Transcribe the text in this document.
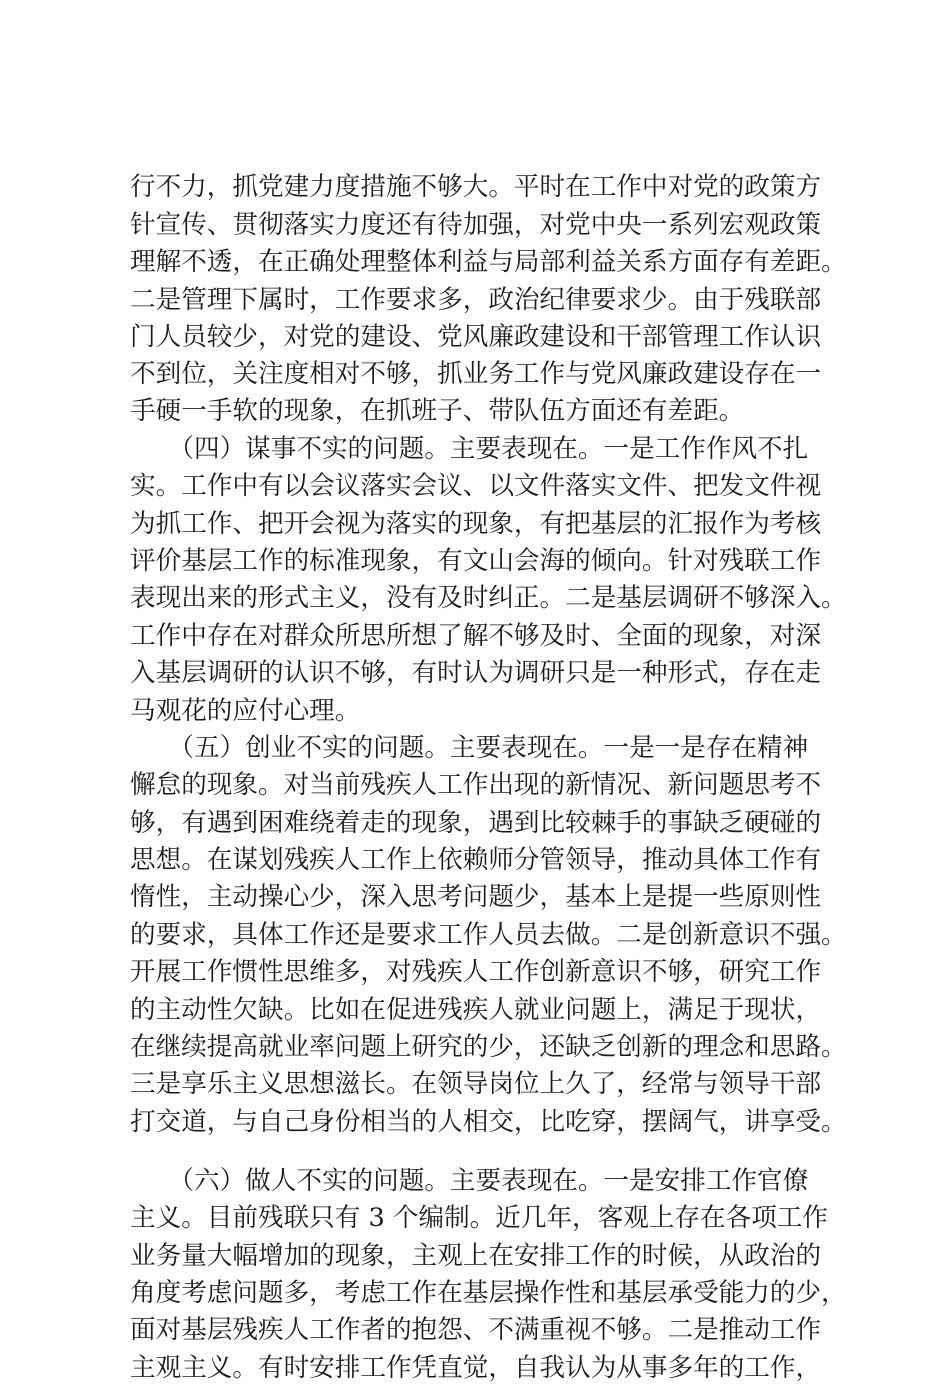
行不力，抓党建力度措施不够大。平时在工作中对党的政策方
针宣传、贯彻落实力度还有待加强，对党中央一系列宏观政策
理解不透，在正确处理整体利益与局部利益关系方面存有差距。
二是管理下属时，工作要求多，政治纪律要求少。由于残联部
门人员较少，对党的建设、党风廉政建设和干部管理工作认识
不到位，关注度相对不够，抓业务工作与党风廉政建设存在一
手硬一手软的现象，在抓班子、带队伍方面还有差距。
　　（四）谋事不实的问题。主要表现在。一是工作作风不扎
实。工作中有以会议落实会议、以文件落实文件、把发文件视
为抓工作、把开会视为落实的现象，有把基层的汇报作为考核
评价基层工作的标准现象，有文山会海的倾向。针对残联工作
表现出来的形式主义，没有及时纠正。二是基层调研不够深入。
工作中存在对群众所思所想了解不够及时、全面的现象，对深
入基层调研的认识不够，有时认为调研只是一种形式，存在走
马观花的应付心理。
　　（五）创业不实的问题。主要表现在。一是一是存在精神
懈怠的现象。对当前残疾人工作出现的新情况、新问题思考不
够，有遇到困难绕着走的现象，遇到比较棘手的事缺乏硬碰的
思想。在谋划残疾人工作上依赖师分管领导，推动具体工作有
惰性，主动操心少，深入思考问题少，基本上是提一些原则性
的要求，具体工作还是要求工作人员去做。二是创新意识不强。
开展工作惯性思维多，对残疾人工作创新意识不够，研究工作
的主动性欠缺。比如在促进残疾人就业问题上，满足于现状，
在继续提高就业率问题上研究的少，还缺乏创新的理念和思路。
三是享乐主义思想滋长。在领导岗位上久了，经常与领导干部
打交道，与自己身份相当的人相交，比吃穿，摆阔气，讲享受。
　　（六）做人不实的问题。主要表现在。一是安排工作官僚
主义。目前残联只有 3 个编制。近几年，客观上存在各项工作
业务量大幅增加的现象，主观上在安排工作的时候，从政治的
角度考虑问题多，考虑工作在基层操作性和基层承受能力的少，
面对基层残疾人工作者的抱怨、不满重视不够。二是推动工作
主观主义。有时安排工作凭直觉，自我认为从事多年的工作，
